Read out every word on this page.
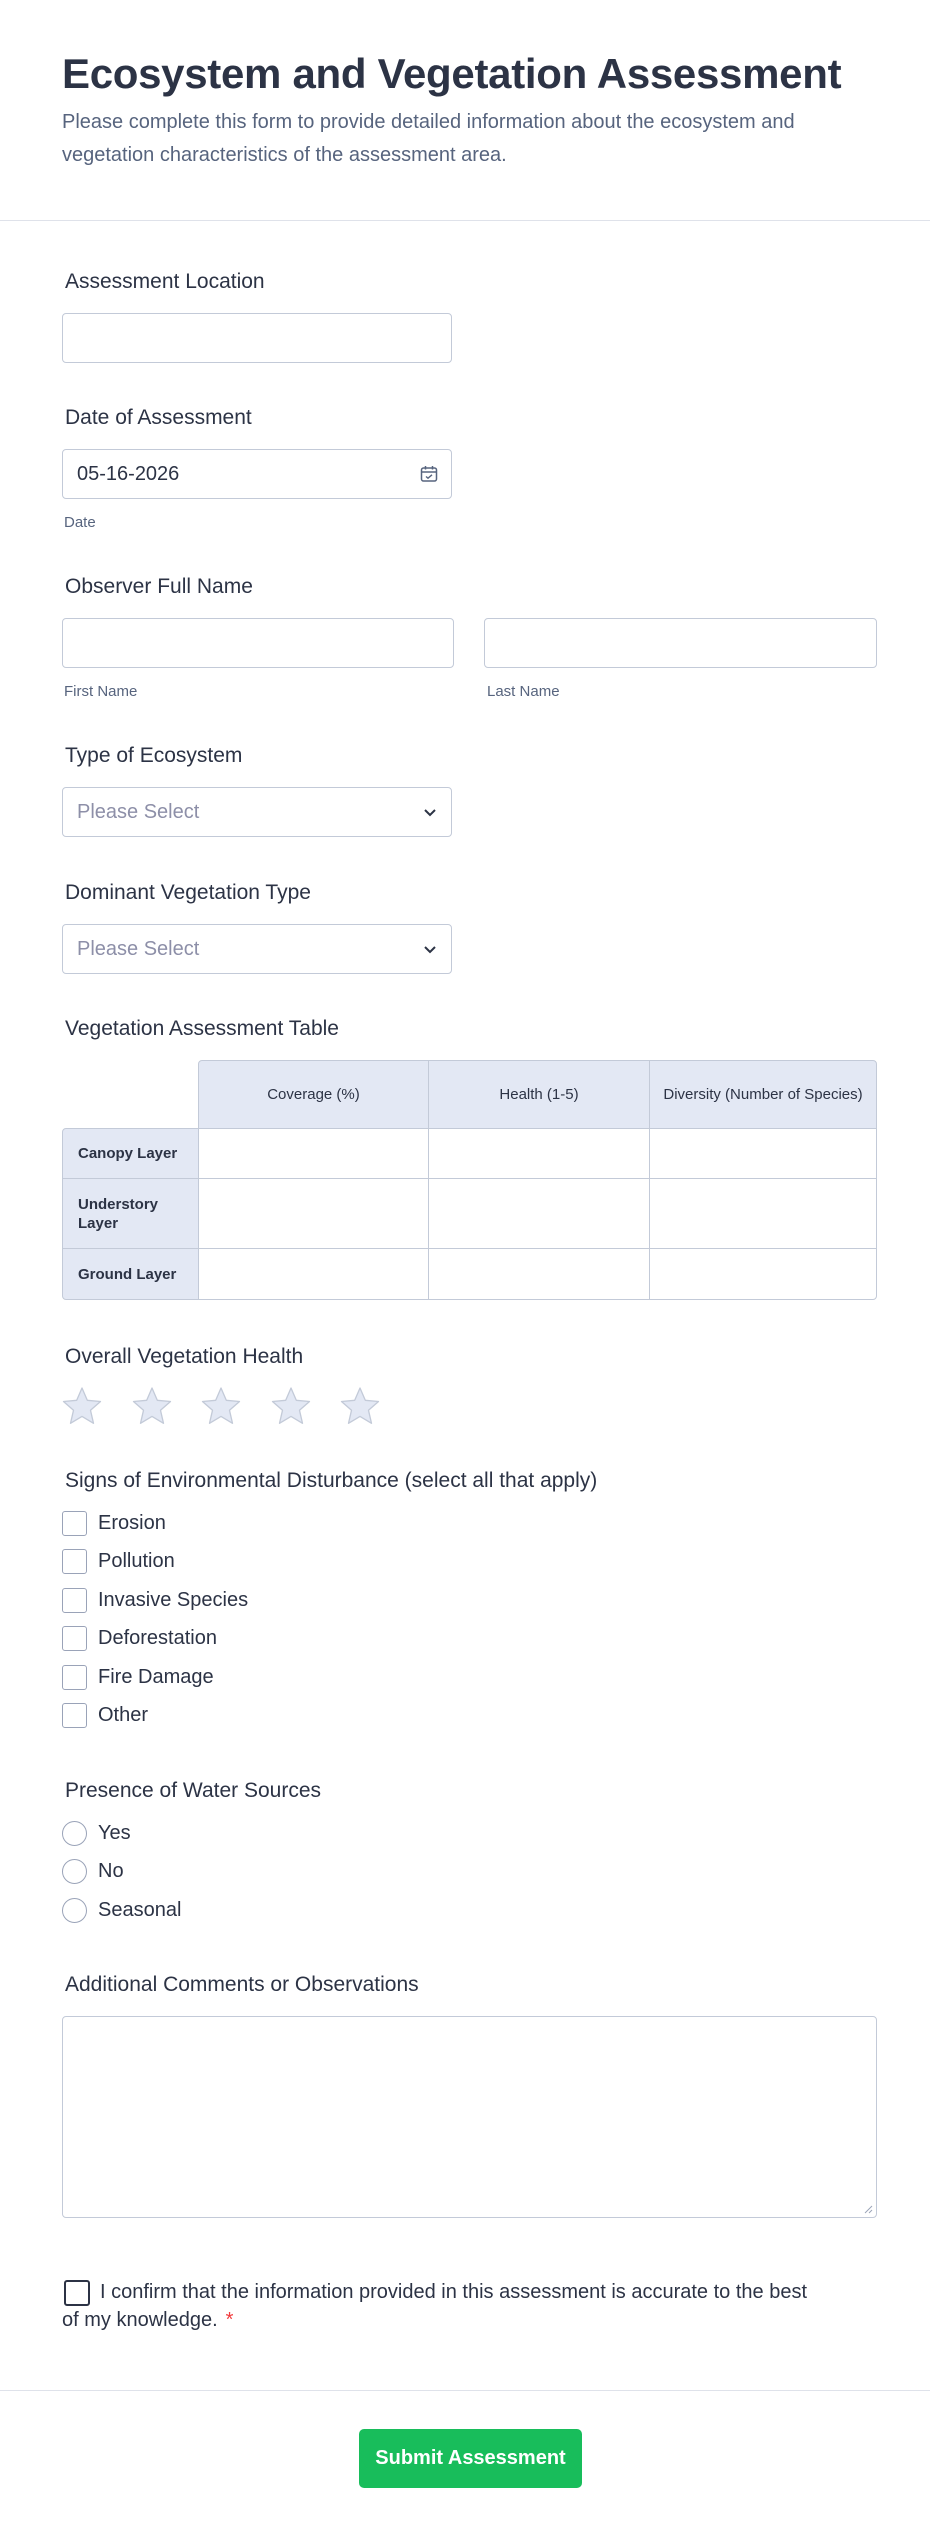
Ecosystem and Vegetation Assessment

Please complete this form to provide detailed information about the ecosystem and vegetation characteristics of the assessment area.

Assessment Location
Date of Assessment
05-16-2026
Date
Observer Full Name
First Name	Last Name
Type of Ecosystem
Please Select
Dominant Vegetation Type
Please Select
Vegetation Assessment Table
Coverage (%)	Health (1-5)	Diversity (Number of Species)
Canopy Layer
Understory Layer
Ground Layer
Overall Vegetation Health
Signs of Environmental Disturbance (select all that apply)
Erosion
Pollution
Invasive Species
Deforestation
Fire Damage
Other
Presence of Water Sources
Yes
No
Seasonal
Additional Comments or Observations

I confirm that the information provided in this assessment is accurate to the best of my knowledge. *

Submit Assessment
